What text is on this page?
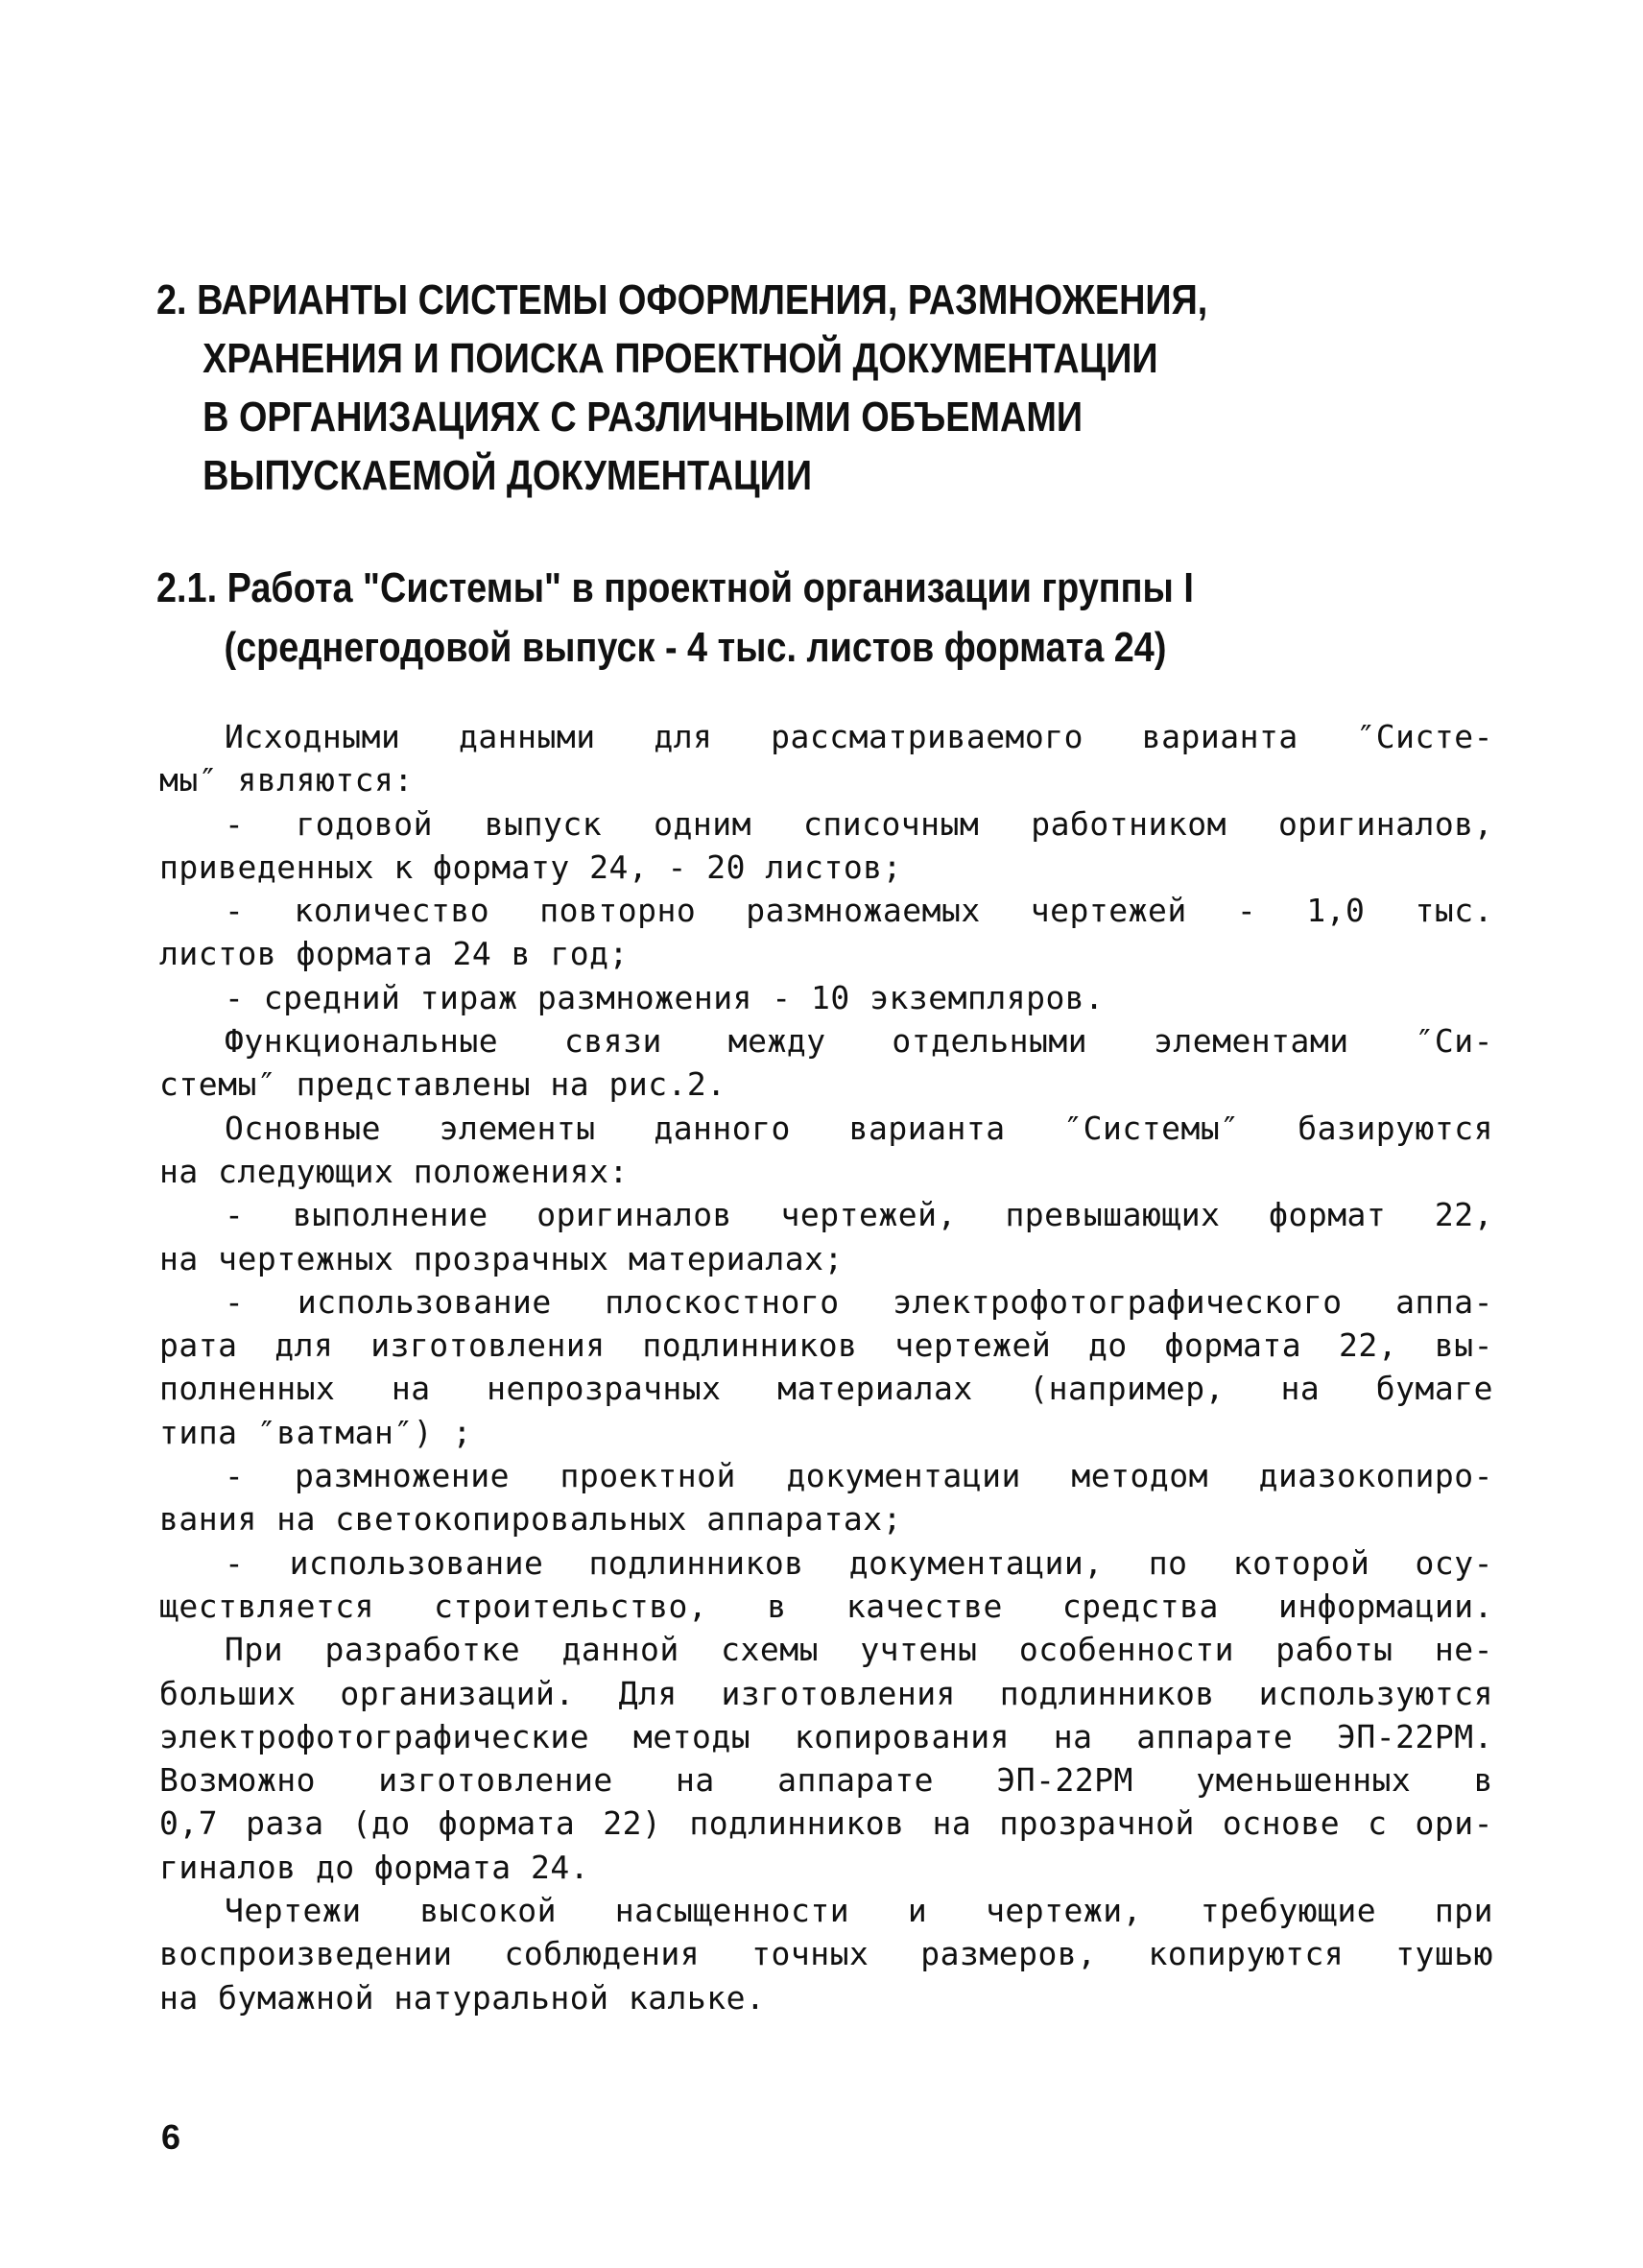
2. ВАРИАНТЫ СИСТЕМЫ ОФОРМЛЕНИЯ, РАЗМНОЖЕНИЯ,
ХРАНЕНИЯ И ПОИСКА ПРОЕКТНОЙ ДОКУМЕНТАЦИИ
В ОРГАНИЗАЦИЯХ С РАЗЛИЧНЫМИ ОБЪЕМАМИ
ВЫПУСКАЕМОЙ ДОКУМЕНТАЦИИ
2.1. Работа "Системы" в проектной организации группы I
(среднегодовой выпуск - 4 тыс. листов формата 24)
Исходными данными для рассматриваемого варианта ″Систе-
мы″ являются:
- годовой выпуск одним списочным работником оригиналов,
приведенных к формату 24, - 20 листов;
- количество повторно размножаемых чертежей - 1,0 тыс.
листов формата 24 в год;
- средний тираж размножения - 10 экземпляров.
Функциональные связи между отдельными элементами ″Си-
стемы″ представлены на рис.2.
Основные элементы данного варианта ″Системы″ базируются
на следующих положениях:
- выполнение оригиналов чертежей, превышающих формат 22,
на чертежных прозрачных материалах;
- использование плоскостного электрофотографического аппа-
рата для изготовления подлинников чертежей до формата 22, вы-
полненных на непрозрачных материалах (например, на бумаге
типа ″ватман″) ;
- размножение проектной документации методом диазокопиро-
вания на светокопировальных аппаратах;
- использование подлинников документации, по которой осу-
ществляется строительство, в качестве средства информации.
При разработке данной схемы учтены особенности работы не-
больших организаций. Для изготовления подлинников используются
электрофотографические методы копирования на аппарате ЭП-22РМ.
Возможно изготовление на аппарате ЭП-22РМ уменьшенных в
0,7 раза (до формата 22) подлинников на прозрачной основе с ори-
гиналов до формата 24.
Чертежи высокой насыщенности и чертежи, требующие при
воспроизведении соблюдения точных размеров, копируются тушью
на бумажной натуральной кальке.
6
